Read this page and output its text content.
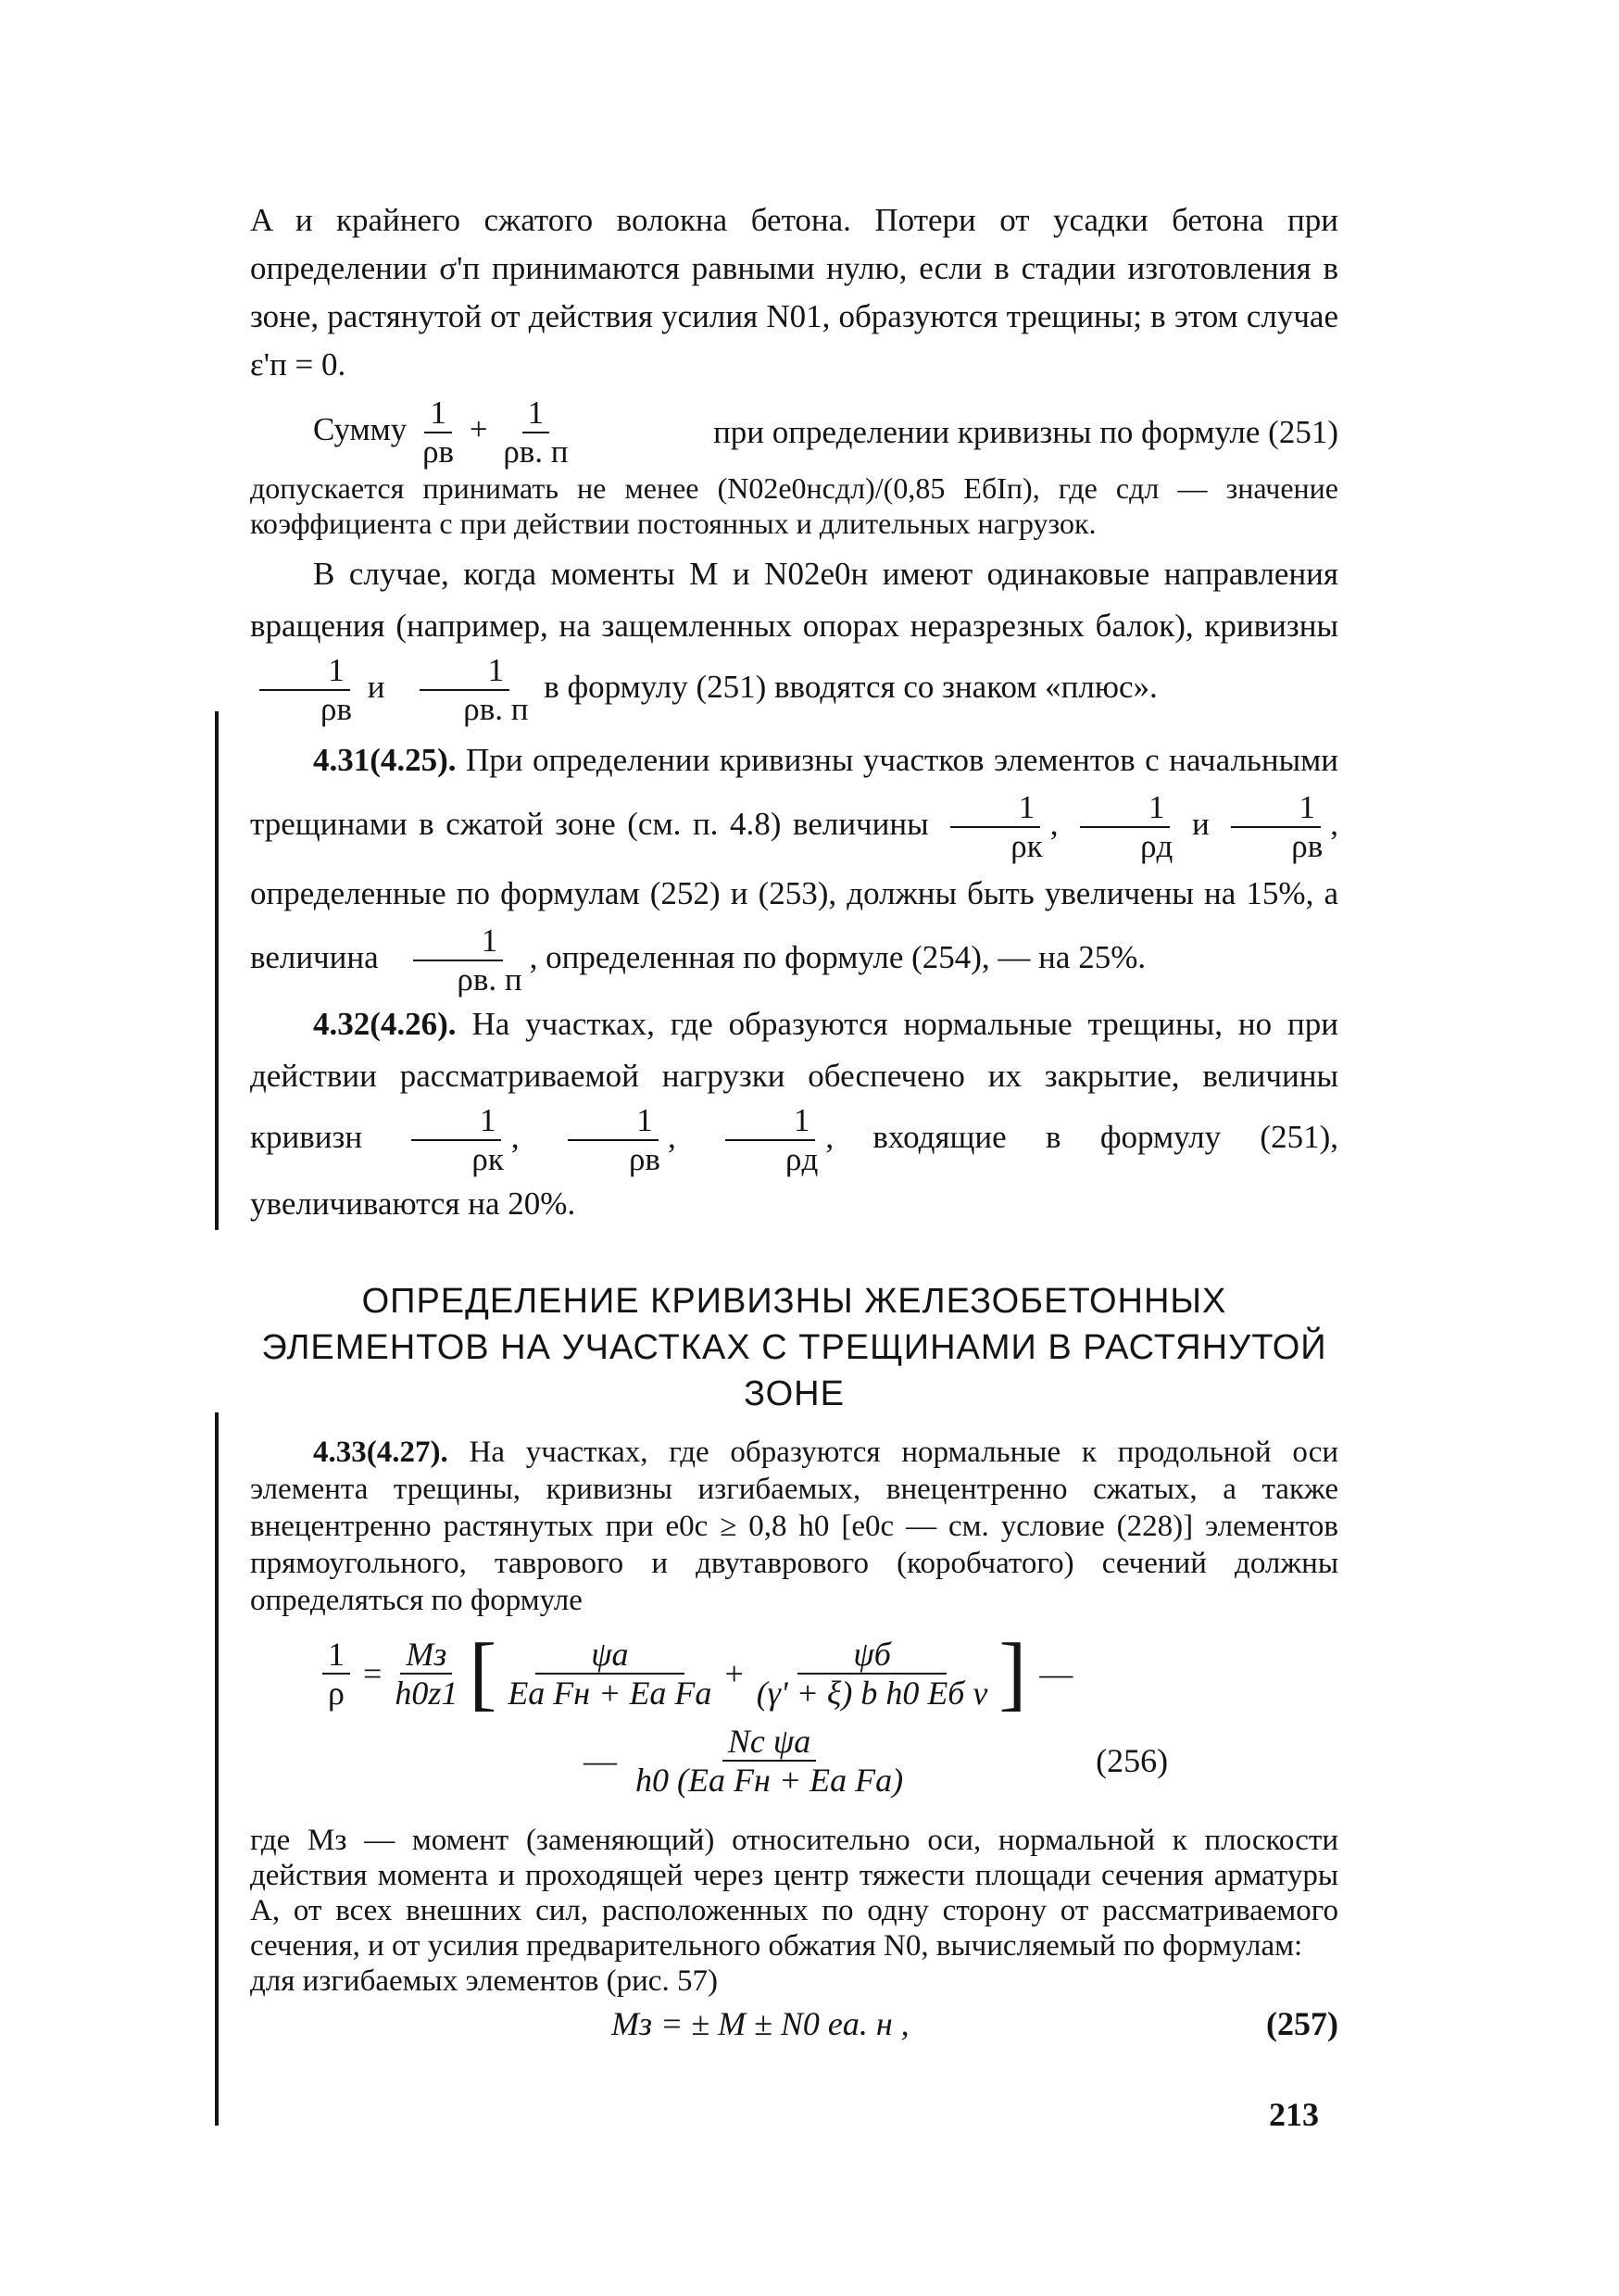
A и крайнего сжатого волокна бетона. Потери от усадки бетона при определении σ'п принимаются равными нулю, если в стадии изготовления в зоне, растянутой от действия усилия N01, образуются трещины; в этом случае ε'п = 0.

Сумму 1
ρв
+ 1
ρв. п
при определении кривизны по формуле (251)

допускается принимать не менее (N02e0нcдл)/(0,85 EбIп), где cдл — значение коэффициента c при действии постоянных и длительных нагрузок.

В случае, когда моменты M и N02e0н имеют одинаковые направления вращения (например, на защемленных опорах неразрезных балок), кривизны
1
ρв
и	1
ρв. п
в формулу (251) вводятся со знаком «плюс».

4.31(4.25). При определении кривизны участков элементов с начальными трещинами в сжатой зоне (см. п. 4.8) величины	1
ρк
,	1
ρд
и	1
ρв
, определенные по формулам (252) и (253), должны быть увеличены на 15%, а величина	1
ρв. п
, определенная по формуле (254), — на 25%.

4.32(4.26). На участках, где образуются нормальные трещины, но при действии рассматриваемой нагрузки обеспечено их закрытие, величины кривизн	1
ρк
,	1
ρв
,	1
ρд
, входящие в формулу (251), увеличиваются на 20%.

ОПРЕДЕЛЕНИЕ КРИВИЗНЫ ЖЕЛЕЗОБЕТОННЫХ ЭЛЕМЕНТОВ НА УЧАСТКАХ С ТРЕЩИНАМИ В РАСТЯНУТОЙ ЗОНЕ

4.33(4.27). На участках, где образуются нормальные к продольной оси элемента трещины, кривизны изгибаемых, внецентренно сжатых, а также внецентренно растянутых при e0c ≥ 0,8 h0 [e0c — см. условие (228)] элементов прямоугольного, таврового и двутаврового (коробчатого) сечений должны определяться по формуле

$\frac{1}{\rho}$ =
Mз
h0z1 [	ψа
Eа Fн + Eа Fа
+
ψб
(γ' + ξ) b h0 Eб ν ] —
—
Nс ψа
h0 (Eа Fн + Eа Fа)
(256)

где Mз — момент (заменяющий) относительно оси, нормальной к плоскости действия момента и проходящей через центр тяжести площади сечения арматуры A, от всех внешних сил, расположенных по одну сторону от рассматриваемого сечения, и от усилия предварительного обжатия N0, вычисляемый по формулам:

для изгибаемых элементов (рис. 57)

Mз = ± M ± N0 eа. н ,	(257)
213
